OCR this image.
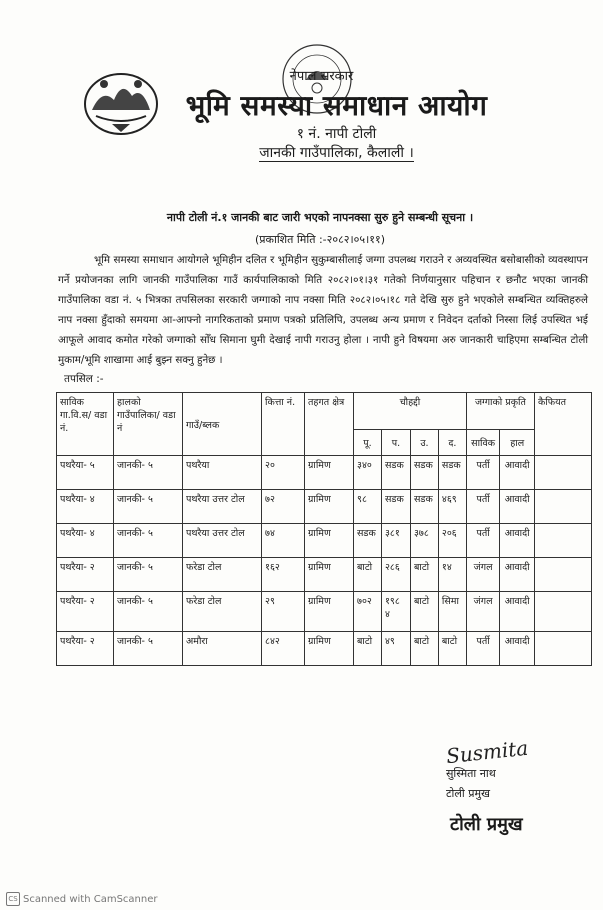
नेपाल सरकार
भूमि समस्या समाधान आयोग
१ नं. नापी टोली
जानकी गाउँपालिका, कैलाली ।
नापी टोली नं.१ जानकी बाट जारी भएको नापनक्सा सुरु हुने सम्बन्धी सूचना ।
(प्रकाशित मिति :-२०८२।०५।११)

भूमि समस्या समाधान आयोगले भूमिहीन दलित र भूमिहीन सुकुम्बासीलाई जग्गा उपलब्ध गराउने र अव्यवस्थित बसोबासीको व्यवस्थापन गर्ने प्रयोजनका लागि जानकी गाउँपालिका गाउँ कार्यपालिकाको मिति २०८२।०१।३१ गतेको निर्णयानुसार पहिचान र छनौट भएका जानकी गाउँपालिका वडा नं. ५ भित्रका तपसिलका सरकारी जग्गाको नाप नक्सा मिति २०८२।०५।१८ गते देखि सुरु हुने भएकोले सम्बन्धित व्यक्तिहरुले नाप नक्सा हुँदाको समयमा आ-आफ्नो नागरिकताको प्रमाण पत्रको प्रतिलिपि, उपलब्ध अन्य प्रमाण र निवेदन दर्ताको निस्सा लिई उपस्थित भई आफूले आवाद कमोत गरेको जग्गाको सोँध सिमाना घुमी देखाई नापी गराउनु होला । नापी हुने विषयमा अरु जानकारी चाहिएमा सम्बन्धित टोली मुकाम/भूमि शाखामा आई बुझ्न सक्नु हुनेछ ।

तपसिल :-
साविक गा.वि.स/ वडा नं.	हालको गाउँपालिका/ वडा नं	गाउँ/ब्लक	कित्ता नं.	तहगत क्षेत्र	चौहद्दी				जग्गाको प्रकृति		कैफियत
					पू.	प.	उ.	द.	साविक	हाल	
पथरैया- ५	जानकी- ५	पथरैया	२०	ग्रामिण	३४०	सडक	सडक	सडक	पर्ती	आवादी	
पथरैया- ४	जानकी- ५	पथरैया उत्तर टोल	७२	ग्रामिण	९८	सडक	सडक	४६९	पर्ती	आवादी	
पथरैया- ४	जानकी- ५	पथरैया उत्तर टोल	७४	ग्रामिण	सडक	३८१	३७८	२०६	पर्ती	आवादी	
पथरैया- २	जानकी- ५	फरेडा टोल	१६२	ग्रामिण	बाटो	२८६	बाटो	१४	जंगल	आवादी	
पथरैया- २	जानकी- ५	फरेडा टोल	२९	ग्रामिण	७०२	१९८ ४	बाटो	सिमा	जंगल	आवादी	
पथरैया- २	जानकी- ५	अमौरा	८४२	ग्रामिण	बाटो	४९	बाटो	बाटो	पर्ती	आवादी	
Susmita
सुस्मिता नाथ
टोली प्रमुख
टोली प्रमुख
CS Scanned with CamScanner
